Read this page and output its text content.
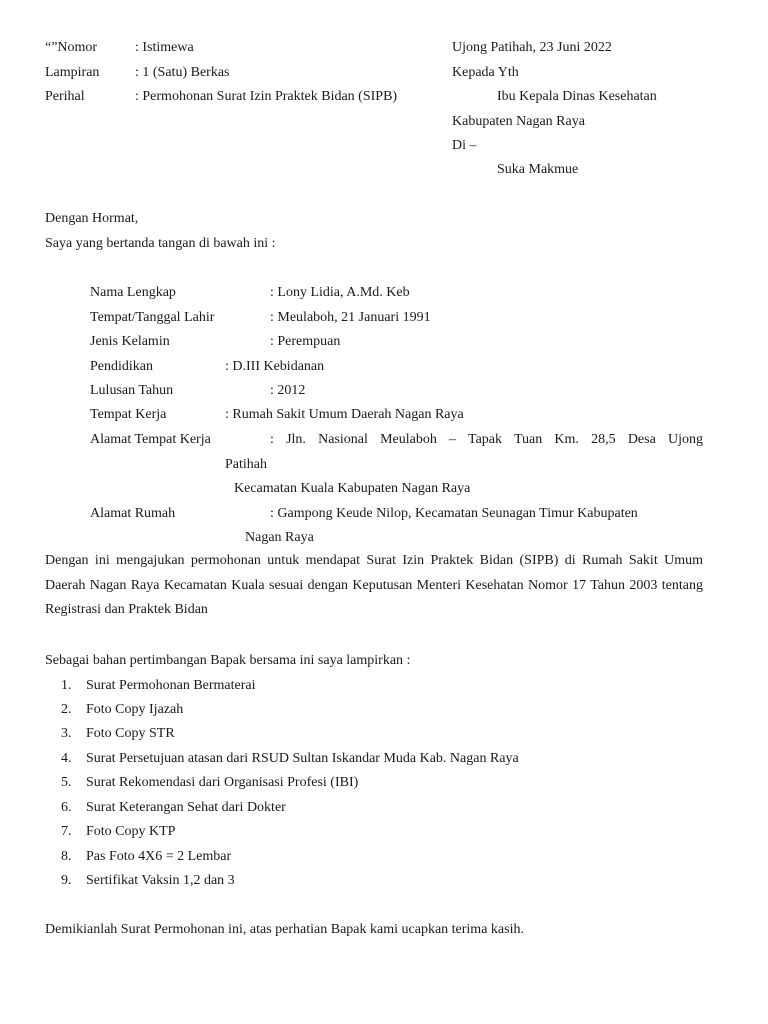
“”Nomor	: Istimewa
Lampiran	: 1 (Satu) Berkas
Perihal	: Permohonan Surat Izin Praktek Bidan (SIPB)
Ujong Patihah, 23 Juni 2022
Kepada Yth
Ibu Kepala Dinas Kesehatan
Kabupaten Nagan Raya
Di –
Suka Makmue
Dengan Hormat,
Saya yang bertanda tangan di bawah ini :
Nama Lengkap	: Lony Lidia, A.Md. Keb
Tempat/Tanggal Lahir	: Meulaboh, 21 Januari 1991
Jenis Kelamin	: Perempuan
Pendidikan	: D.III Kebidanan
Lulusan Tahun	: 2012
Tempat Kerja	: Rumah Sakit Umum Daerah Nagan Raya
Alamat Tempat Kerja	: Jln. Nasional Meulaboh – Tapak Tuan Km. 28,5 Desa Ujong
Patihah
Kecamatan Kuala Kabupaten Nagan Raya
Alamat Rumah	: Gampong Keude Nilop, Kecamatan Seunagan Timur Kabupaten
Nagan Raya
Dengan ini mengajukan permohonan untuk mendapat Surat Izin Praktek Bidan (SIPB) di Rumah Sakit Umum Daerah Nagan Raya Kecamatan Kuala sesuai dengan Keputusan Menteri Kesehatan Nomor 17 Tahun 2003 tentang Registrasi dan Praktek Bidan
Sebagai bahan pertimbangan Bapak bersama ini saya lampirkan :
1. Surat Permohonan Bermaterai
2. Foto Copy Ijazah
3. Foto Copy STR
4. Surat Persetujuan atasan dari RSUD Sultan Iskandar Muda Kab. Nagan Raya
5. Surat Rekomendasi dari Organisasi Profesi (IBI)
6. Surat Keterangan Sehat dari Dokter
7. Foto Copy KTP
8. Pas Foto 4X6 = 2 Lembar
9. Sertifikat Vaksin 1,2 dan 3
Demikianlah Surat Permohonan ini, atas perhatian Bapak kami ucapkan terima kasih.
